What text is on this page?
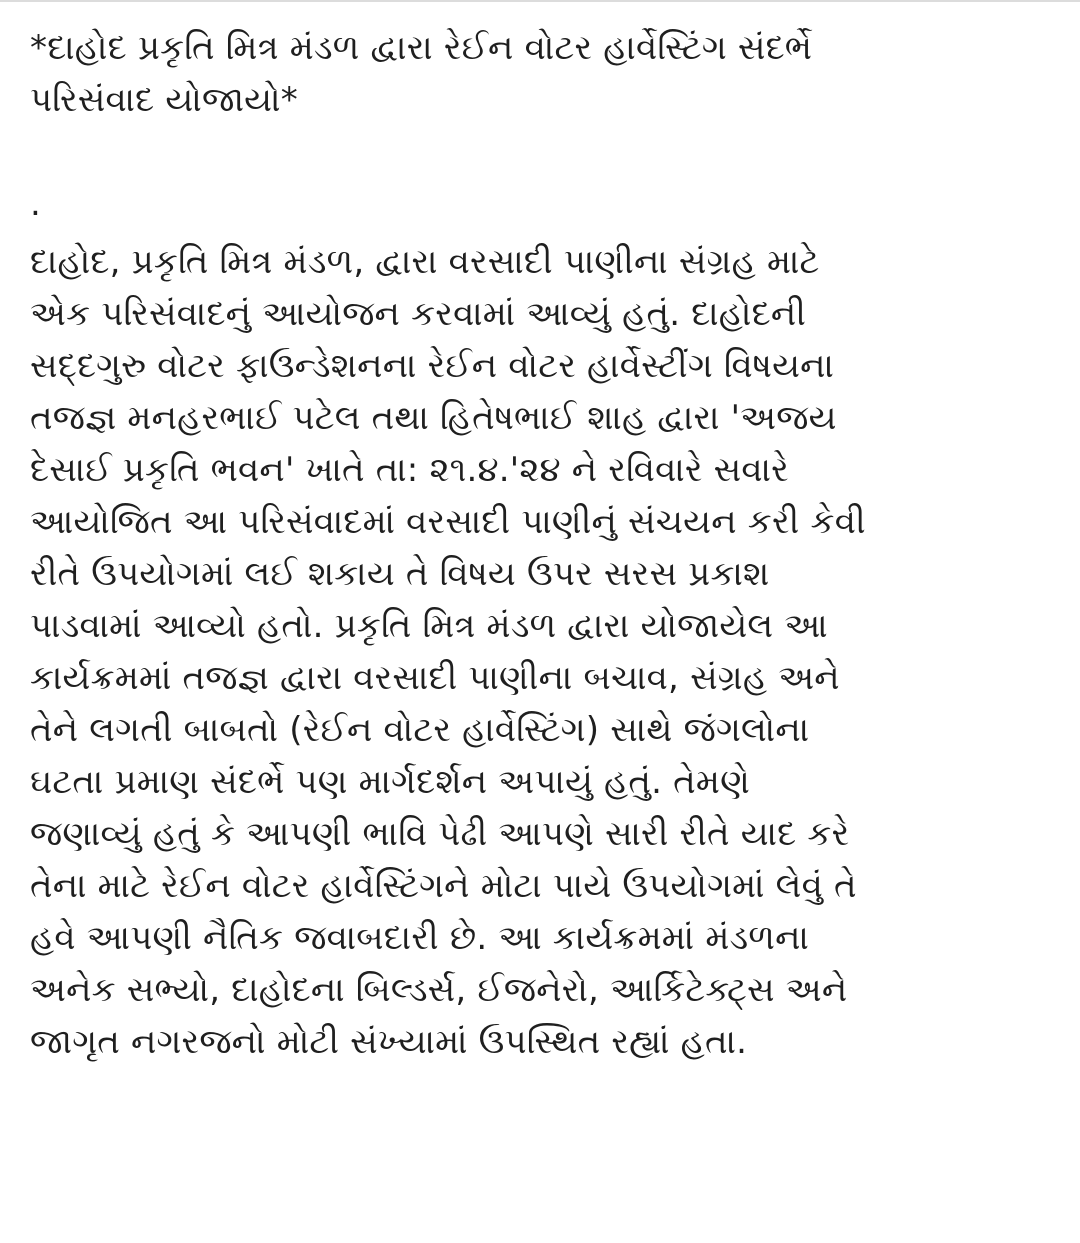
*દાહોદ પ્રકૃતિ મિત્ર મંડળ દ્વારા રેઈન વોટર હાર્વેસ્ટિંગ સંદર્ભે
પરિસંવાદ યોજાયો*
.
દાહોદ, પ્રકૃતિ મિત્ર મંડળ, દ્વારા વરસાદી પાણીના સંગ્રહ માટે
એક પરિસંવાદનું આયોજન કરવામાં આવ્યું હતું. દાહોદની
સદ્દગુરુ વોટર ફાઉન્ડેશનના રેઈન વોટર હાર્વેસ્ટીંગ વિષયના
તજજ્ઞ મનહરભાઈ પટેલ તથા હિતેષભાઈ શાહ દ્વારા 'અજય
દેસાઈ પ્રકૃતિ ભવન' ખાતે તા: ૨૧.૪.'૨૪ ને રવિવારે સવારે
આયોજિત આ પરિસંવાદમાં વરસાદી પાણીનું સંચયન કરી કેવી
રીતે ઉપયોગમાં લઈ શકાય તે વિષય ઉપર સરસ પ્રકાશ
પાડવામાં આવ્યો હતો. પ્રકૃતિ મિત્ર મંડળ દ્વારા યોજાયેલ આ
કાર્યક્રમમાં તજજ્ઞ દ્વારા વરસાદી પાણીના બચાવ, સંગ્રહ અને
તેને લગતી બાબતો (રેઈન વોટર હાર્વેસ્ટિંગ) સાથે જંગલોના
ઘટતા પ્રમાણ સંદર્ભે પણ માર્ગદર્શન અપાયું હતું. તેમણે
જણાવ્યું હતું કે આપણી ભાવિ પેઢી આપણે સારી રીતે યાદ કરે
તેના માટે રેઈન વોટર હાર્વેસ્ટિંગને મોટા પાયે ઉપયોગમાં લેવું તે
હવે આપણી નૈતિક જવાબદારી છે. આ કાર્યક્રમમાં મંડળના
અનેક સભ્યો, દાહોદના બિલ્ડર્સ, ઈજનેરો, આર્કિટેક્ટ્સ અને
જાગૃત નગરજનો મોટી સંખ્યામાં ઉપસ્થિત રહ્યાં હતા.
